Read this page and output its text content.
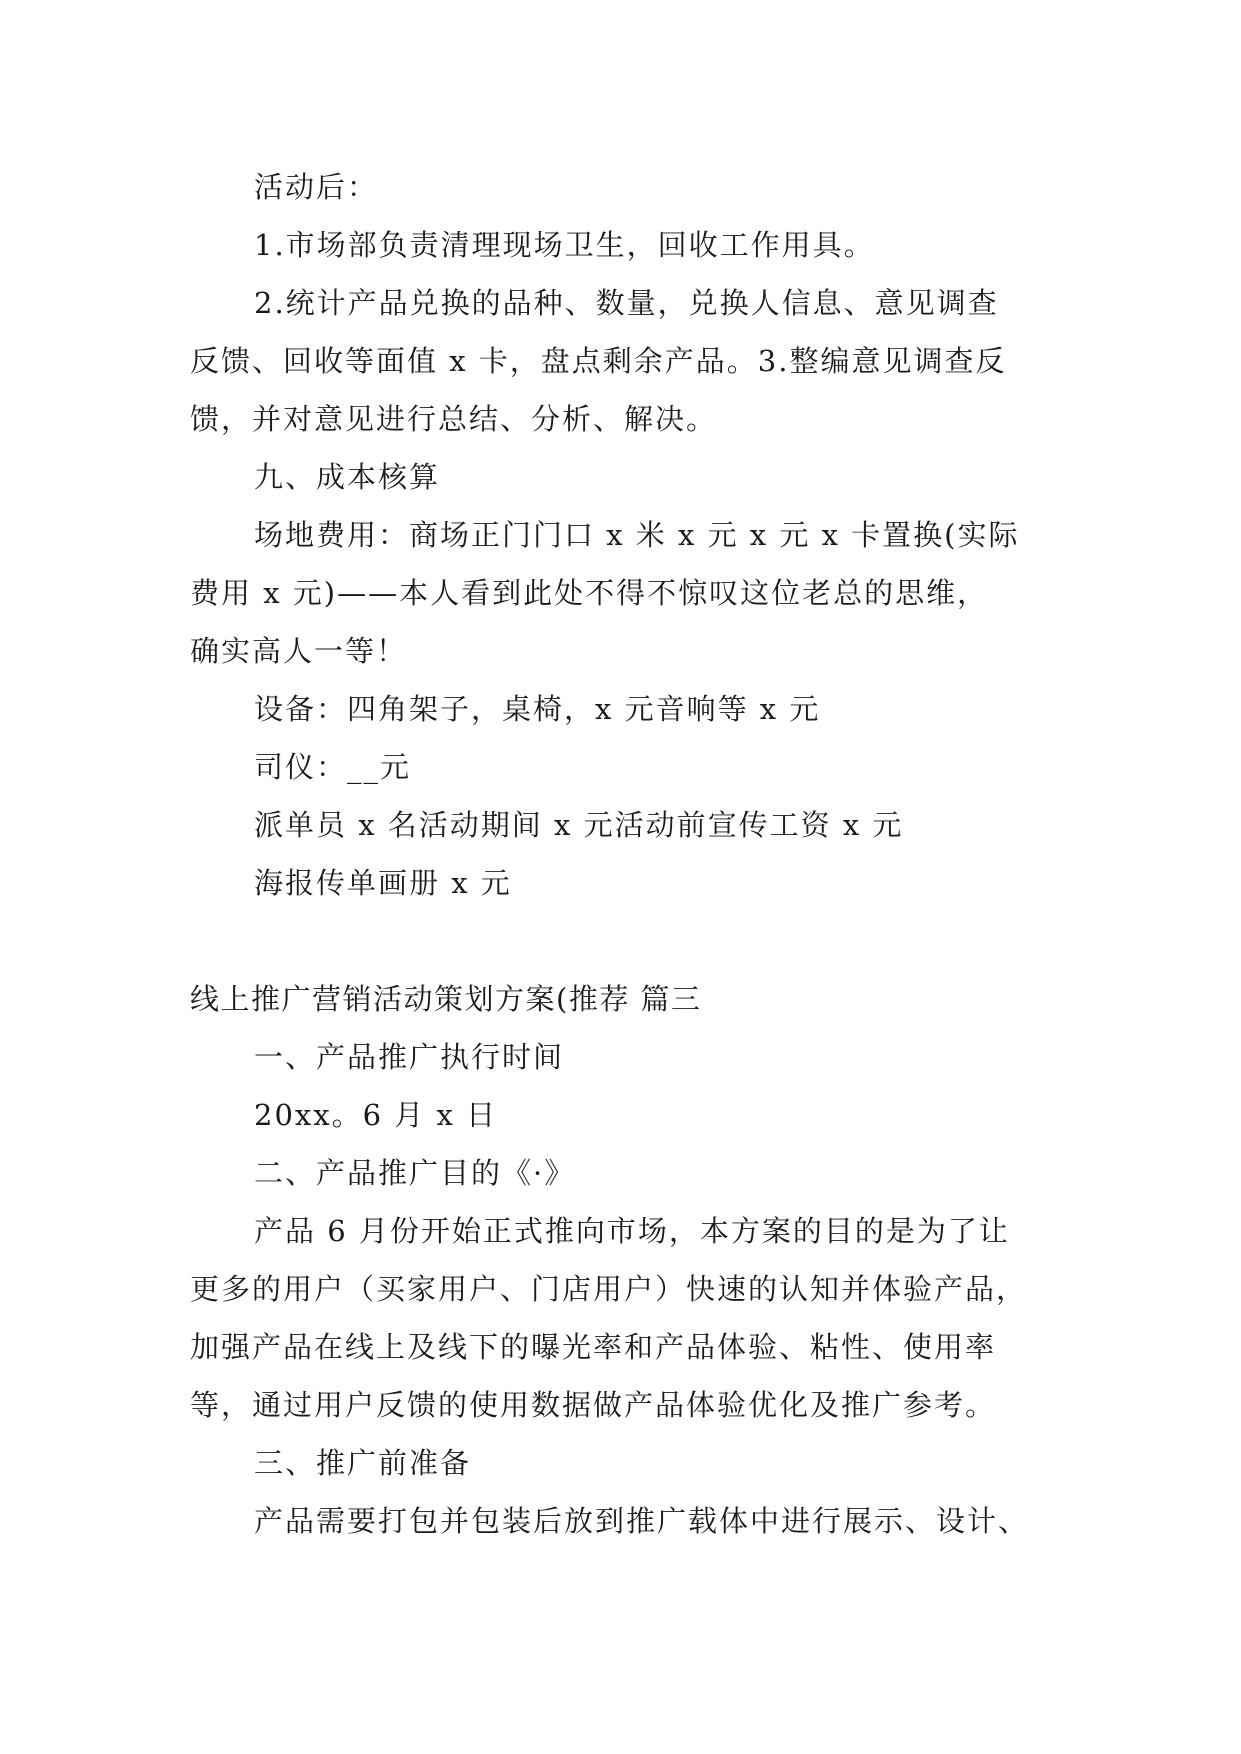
活动后：

1.市场部负责清理现场卫生，回收工作用具。

2.统计产品兑换的品种、数量，兑换人信息、意见调查

反馈、回收等面值 x 卡，盘点剩余产品。3.整编意见调查反

馈，并对意见进行总结、分析、解决。

九、成本核算

场地费用：商场正门门口 x 米 x 元 x 元 x 卡置换(实际

费用 x 元)——本人看到此处不得不惊叹这位老总的思维，

确实高人一等！

设备：四角架子，桌椅，x 元音响等 x 元

司仪：__元

派单员 x 名活动期间 x 元活动前宣传工资 x 元

海报传单画册 x 元

线上推广营销活动策划方案(推荐 篇三

一、产品推广执行时间

20xx。6 月 x 日

二、产品推广目的《·》

产品 6 月份开始正式推向市场，本方案的目的是为了让

更多的用户（买家用户、门店用户）快速的认知并体验产品，

加强产品在线上及线下的曝光率和产品体验、粘性、使用率

等，通过用户反馈的使用数据做产品体验优化及推广参考。

三、推广前准备

产品需要打包并包装后放到推广载体中进行展示、设计、
